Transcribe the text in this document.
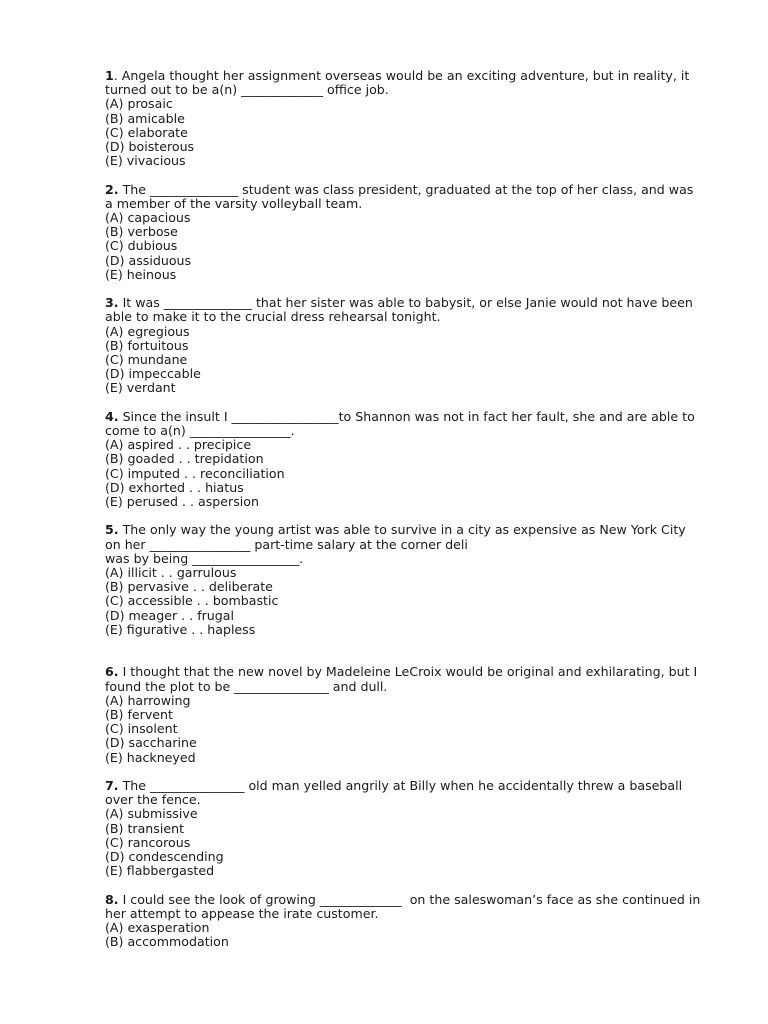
1. Angela thought her assignment overseas would be an exciting adventure, but in reality, it turned out to be a(n) _____________ office job.

(A) prosaic

(B) amicable

(C) elaborate

(D) boisterous

(E) vivacious

2. The ______________ student was class president, graduated at the top of her class, and was a member of the varsity volleyball team.

(A) capacious

(B) verbose

(C) dubious

(D) assiduous

(E) heinous

3. It was ______________ that her sister was able to babysit, or else Janie would not have been able to make it to the crucial dress rehearsal tonight.

(A) egregious

(B) fortuitous

(C) mundane

(D) impeccable

(E) verdant

4. Since the insult I _________________to Shannon was not in fact her fault, she and are able to come to a(n) ________________.

(A) aspired . . precipice

(B) goaded . . trepidation

(C) imputed . . reconciliation

(D) exhorted . . hiatus

(E) perused . . aspersion

5. The only way the young artist was able to survive in a city as expensive as New York City on her ________________ part-time salary at the corner deli
was by being _________________.

(A) illicit . . garrulous

(B) pervasive . . deliberate

(C) accessible . . bombastic

(D) meager . . frugal

(E) figurative . . hapless

6. I thought that the new novel by Madeleine LeCroix would be original and exhilarating, but I found the plot to be _______________ and dull.

(A) harrowing

(B) fervent

(C) insolent

(D) saccharine

(E) hackneyed

7. The _______________ old man yelled angrily at Billy when he accidentally threw a baseball over the fence.

(A) submissive

(B) transient

(C) rancorous

(D) condescending

(E) flabbergasted

8. I could see the look of growing _____________  on the saleswoman’s face as she continued in her attempt to appease the irate customer.

(A) exasperation

(B) accommodation
